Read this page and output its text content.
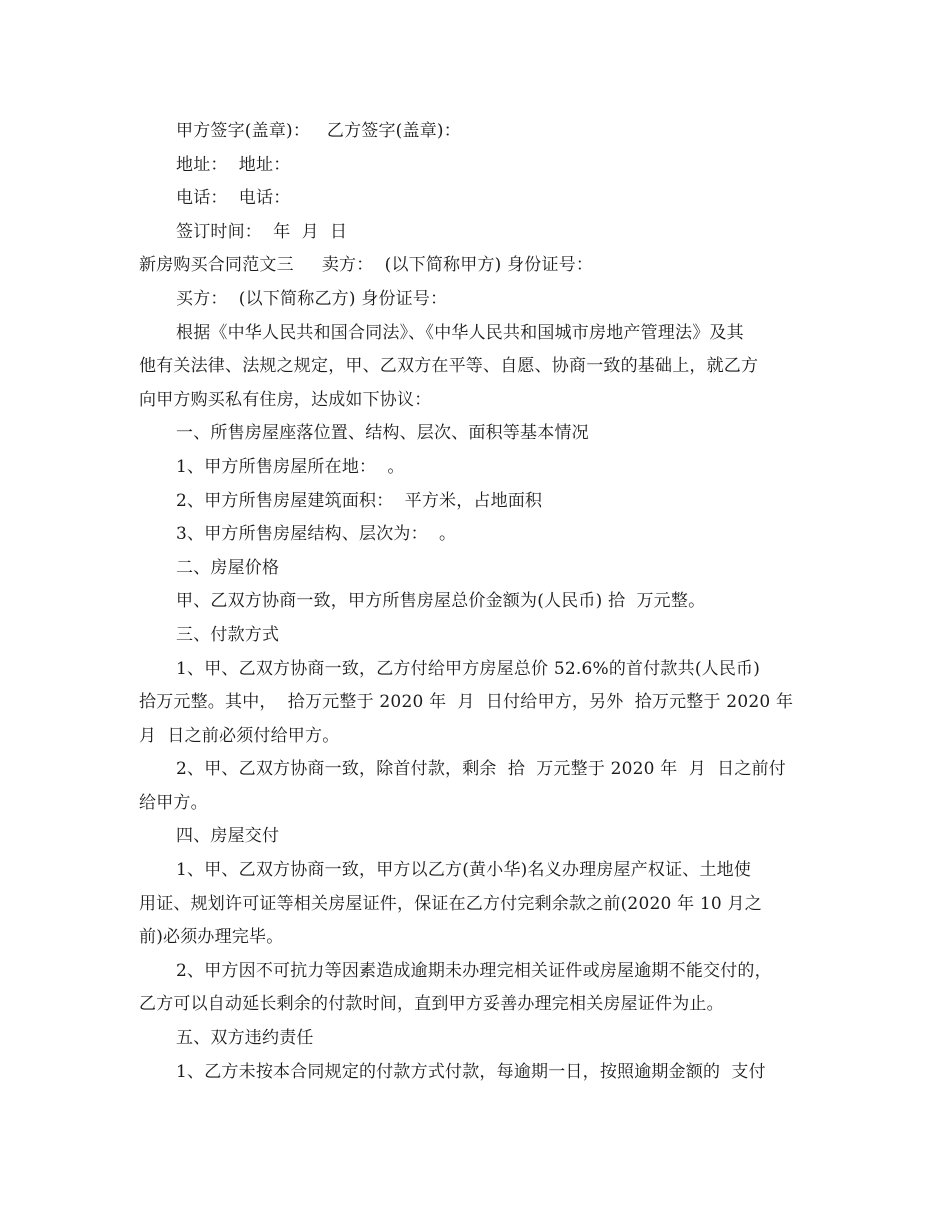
甲方签字(盖章)：   乙方签字(盖章)：
地址：  地址：
电话：  电话：
签订时间：  年  月  日
新房购买合同范文三     卖方：  (以下简称甲方) 身份证号：
买方：  (以下简称乙方) 身份证号：
根据《中华人民共和国合同法》、《中华人民共和国城市房地产管理法》及其
他有关法律、法规之规定，甲、乙双方在平等、自愿、协商一致的基础上，就乙方
向甲方购买私有住房，达成如下协议：
一、所售房屋座落位置、结构、层次、面积等基本情况
1、甲方所售房屋所在地：  。
2、甲方所售房屋建筑面积：  平方米，占地面积
3、甲方所售房屋结构、层次为：  。
二、房屋价格
甲、乙双方协商一致，甲方所售房屋总价金额为(人民币) 拾  万元整。
三、付款方式
1、甲、乙双方协商一致，乙方付给甲方房屋总价 52.6%的首付款共(人民币)
拾万元整。其中，  拾万元整于 2020 年  月  日付给甲方，另外  拾万元整于 2020 年
月  日之前必须付给甲方。
2、甲、乙双方协商一致，除首付款，剩余  拾  万元整于 2020 年  月  日之前付
给甲方。
四、房屋交付
1、甲、乙双方协商一致，甲方以乙方(黄小华)名义办理房屋产权证、土地使
用证、规划许可证等相关房屋证件，保证在乙方付完剩余款之前(2020 年 10 月之
前)必须办理完毕。
2、甲方因不可抗力等因素造成逾期未办理完相关证件或房屋逾期不能交付的，
乙方可以自动延长剩余的付款时间，直到甲方妥善办理完相关房屋证件为止。
五、双方违约责任
1、乙方未按本合同规定的付款方式付款，每逾期一日，按照逾期金额的  支付
